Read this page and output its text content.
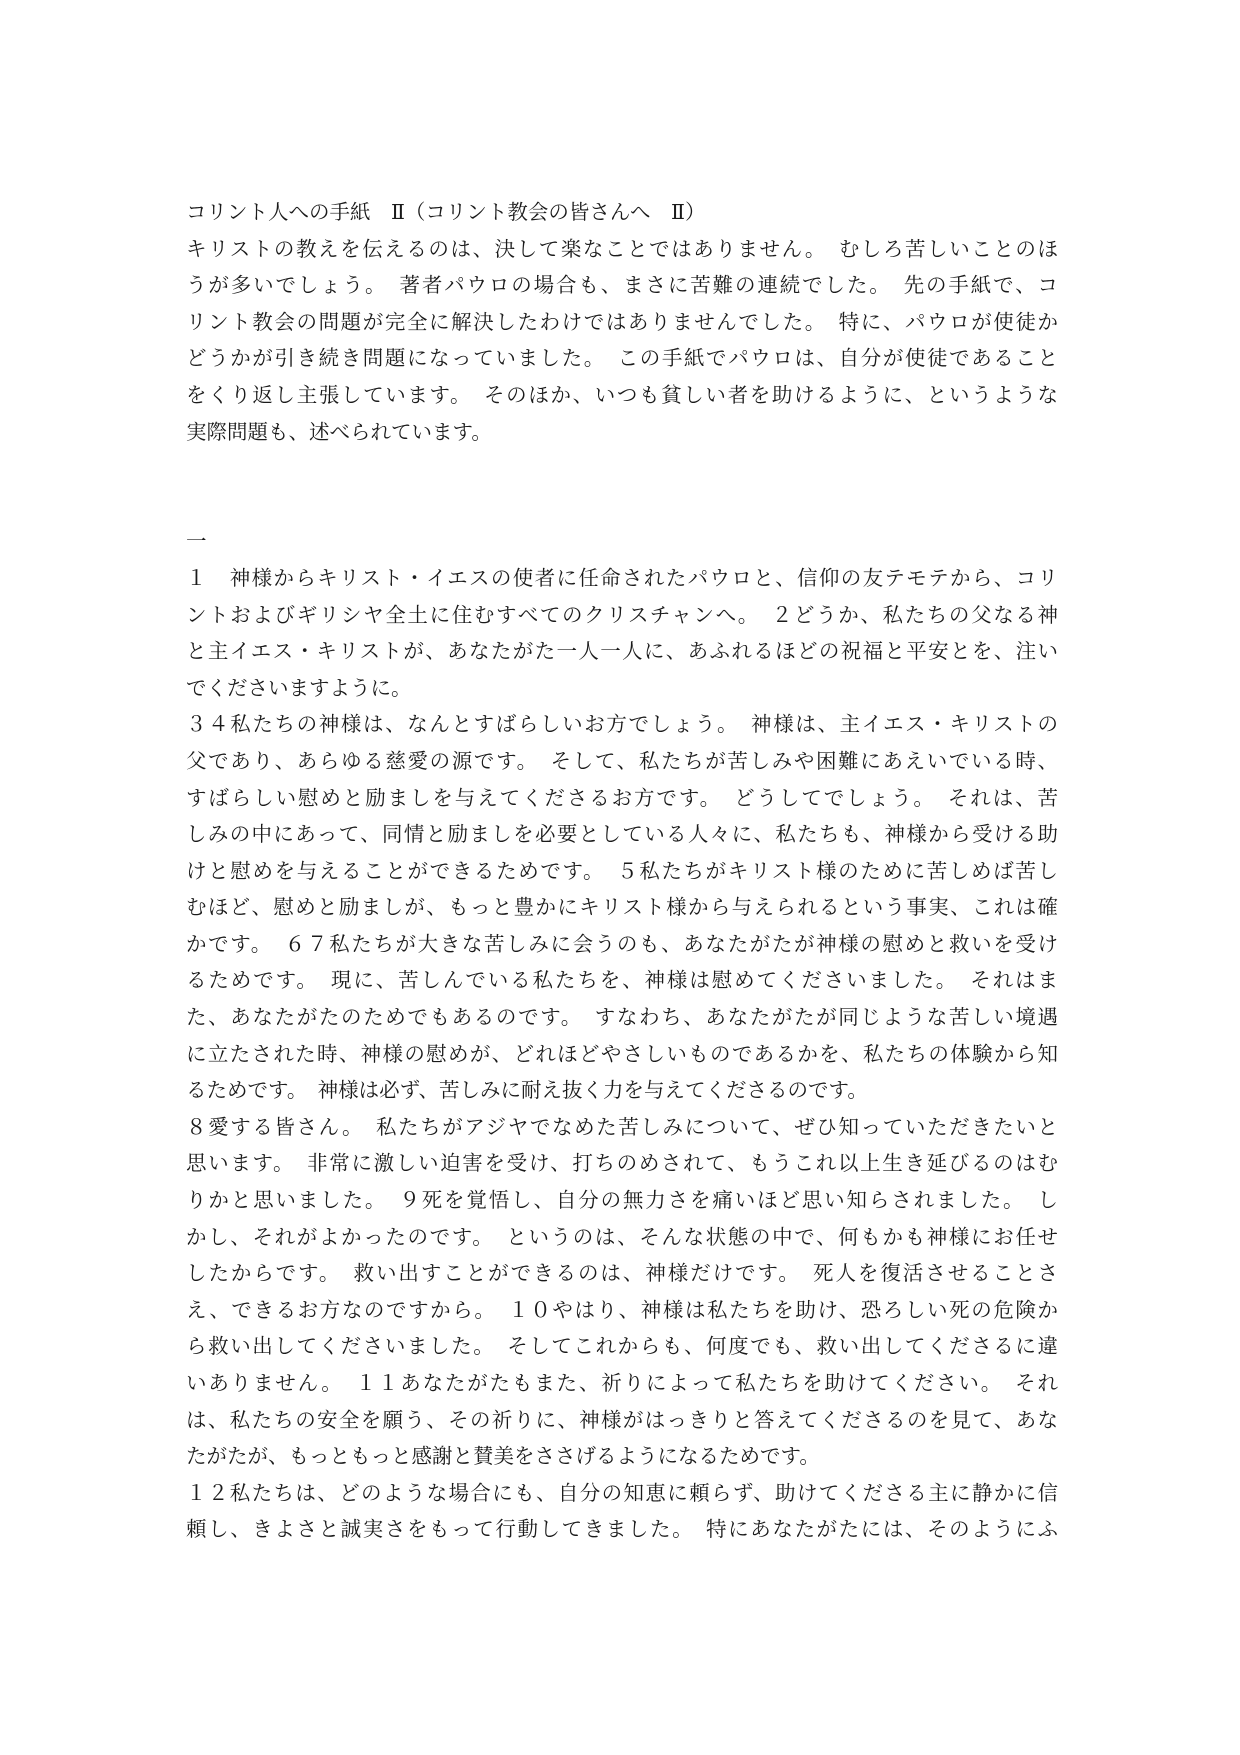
コリント人への手紙　Ⅱ（コリント教会の皆さんへ　Ⅱ）
キリストの教えを伝えるのは、決して楽なことではありません。　むしろ苦しいことのほ
うが多いでしょう。　著者パウロの場合も、まさに苦難の連続でした。　先の手紙で、コ
リント教会の問題が完全に解決したわけではありませんでした。　特に、パウロが使徒か
どうかが引き続き問題になっていました。　この手紙でパウロは、自分が使徒であること
をくり返し主張しています。　そのほか、いつも貧しい者を助けるように、というような
実際問題も、述べられています。
一
１　神様からキリスト・イエスの使者に任命されたパウロと、信仰の友テモテから、コリ
ントおよびギリシヤ全土に住むすべてのクリスチャンへ。　２どうか、私たちの父なる神
と主イエス・キリストが、あなたがた一人一人に、あふれるほどの祝福と平安とを、注い
でくださいますように。
３４私たちの神様は、なんとすばらしいお方でしょう。　神様は、主イエス・キリストの
父であり、あらゆる慈愛の源です。　そして、私たちが苦しみや困難にあえいでいる時、
すばらしい慰めと励ましを与えてくださるお方です。　どうしてでしょう。　それは、苦
しみの中にあって、同情と励ましを必要としている人々に、私たちも、神様から受ける助
けと慰めを与えることができるためです。　５私たちがキリスト様のために苦しめば苦し
むほど、慰めと励ましが、もっと豊かにキリスト様から与えられるという事実、これは確
かです。　６７私たちが大きな苦しみに会うのも、あなたがたが神様の慰めと救いを受け
るためです。　現に、苦しんでいる私たちを、神様は慰めてくださいました。　それはま
た、あなたがたのためでもあるのです。　すなわち、あなたがたが同じような苦しい境遇
に立たされた時、神様の慰めが、どれほどやさしいものであるかを、私たちの体験から知
るためです。　神様は必ず、苦しみに耐え抜く力を与えてくださるのです。
８愛する皆さん。　私たちがアジヤでなめた苦しみについて、ぜひ知っていただきたいと
思います。　非常に激しい迫害を受け、打ちのめされて、もうこれ以上生き延びるのはむ
りかと思いました。　９死を覚悟し、自分の無力さを痛いほど思い知らされました。　し
かし、それがよかったのです。　というのは、そんな状態の中で、何もかも神様にお任せ
したからです。　救い出すことができるのは、神様だけです。　死人を復活させることさ
え、できるお方なのですから。　１０やはり、神様は私たちを助け、恐ろしい死の危険か
ら救い出してくださいました。　そしてこれからも、何度でも、救い出してくださるに違
いありません。　１１あなたがたもまた、祈りによって私たちを助けてください。　それ
は、私たちの安全を願う、その祈りに、神様がはっきりと答えてくださるのを見て、あな
たがたが、もっともっと感謝と賛美をささげるようになるためです。
１２私たちは、どのような場合にも、自分の知恵に頼らず、助けてくださる主に静かに信
頼し、きよさと誠実さをもって行動してきました。　特にあなたがたには、そのようにふ
